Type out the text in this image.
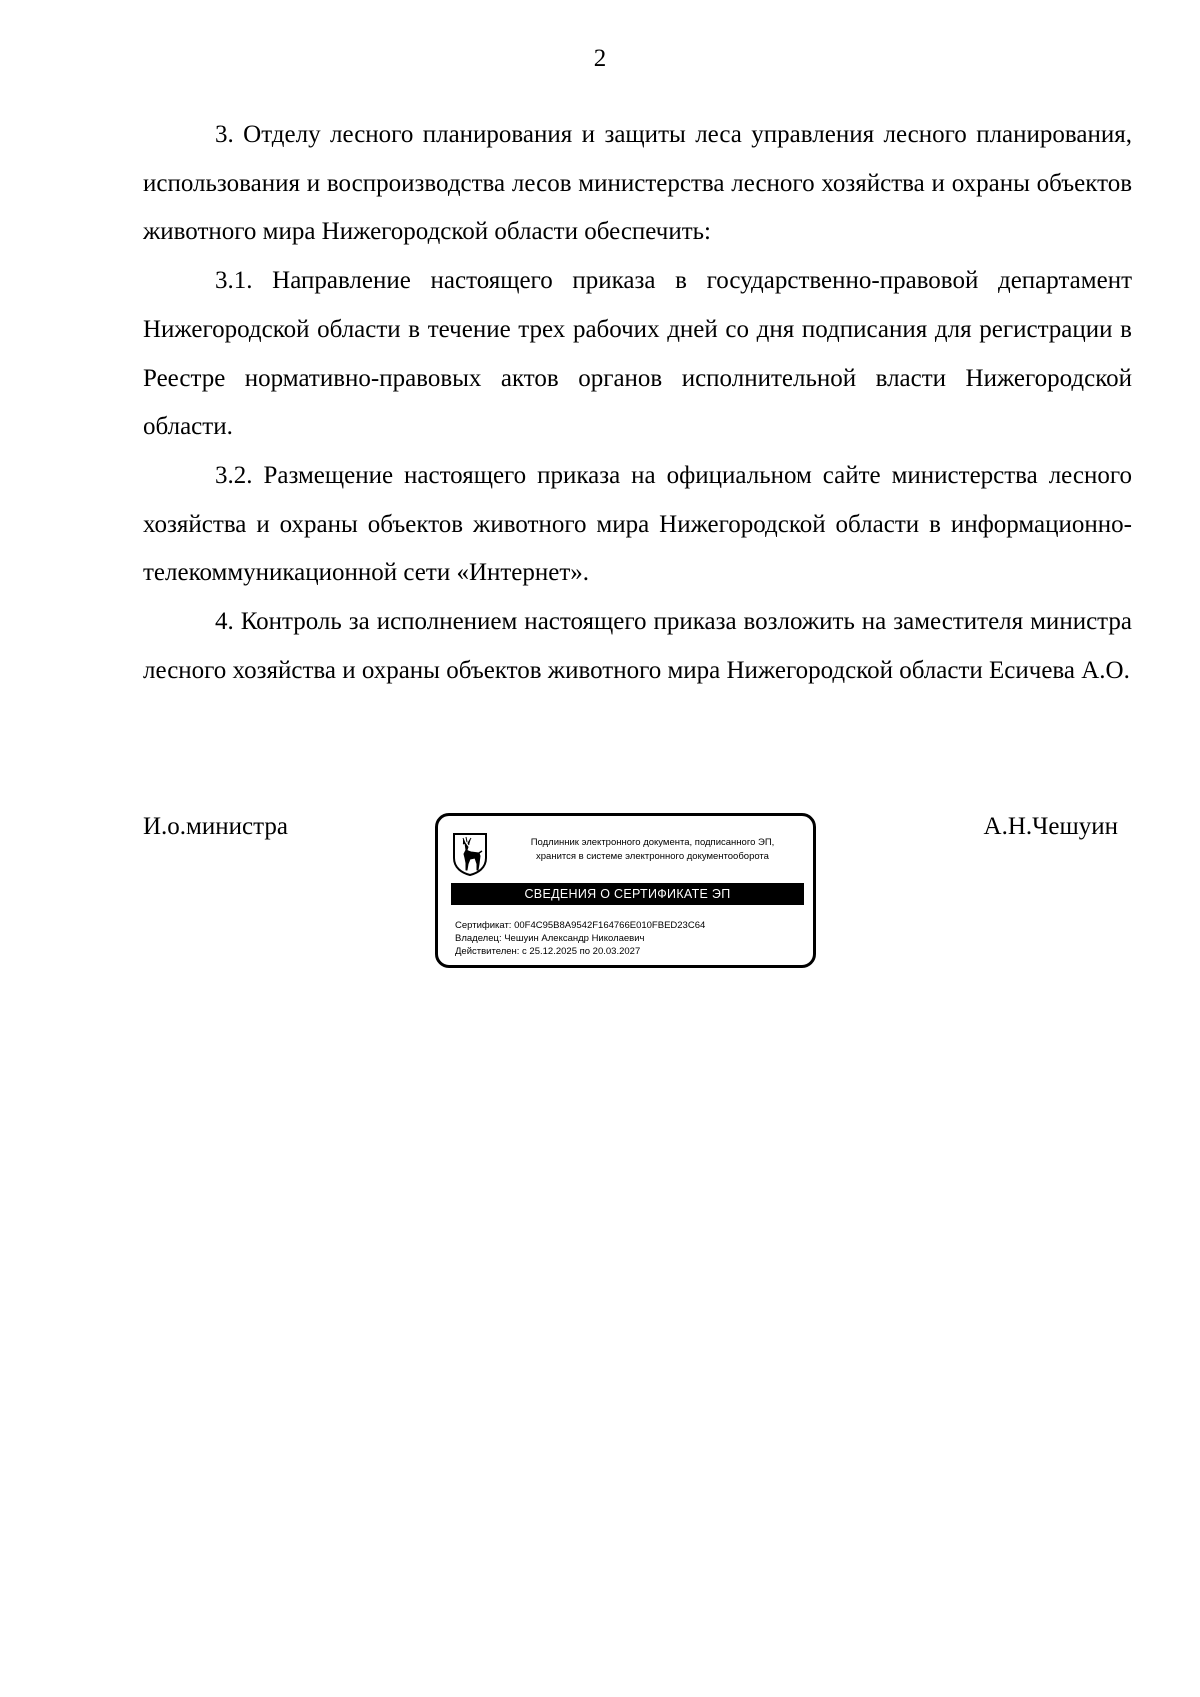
2

3. Отделу лесного планирования и защиты леса управления лесного планирования, использования и воспроизводства лесов министерства лесного хозяйства и охраны объектов животного мира Нижегородской области обеспечить:

3.1. Направление настоящего приказа в государственно-правовой департамент Нижегородской области в течение трех рабочих дней со дня подписания для регистрации в Реестре нормативно-правовых актов органов исполнительной власти Нижегородской области.

3.2. Размещение настоящего приказа на официальном сайте министерства лесного хозяйства и охраны объектов животного мира Нижегородской области в информационно-телекоммуникационной сети «Интернет».

4. Контроль за исполнением настоящего приказа возложить на заместителя министра лесного хозяйства и охраны объектов животного мира Нижегородской области Есичева А.О.

И.о.министра	А.Н.Чешуин
Подлинник электронного документа, подписанного ЭП,
хранится в системе электронного документооборота
СВЕДЕНИЯ О СЕРТИФИКАТЕ ЭП
Сертификат: 00F4C95B8A9542F164766E010FBED23C64
Владелец: Чешуин Александр Николаевич
Действителен: с 25.12.2025 по 20.03.2027
